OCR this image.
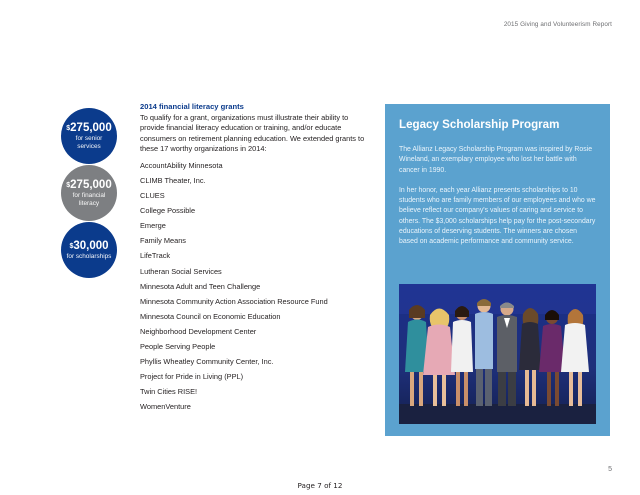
2015 Giving and Volunteerism Report
$275,000
for senior
services
$275,000
for financial
literacy
$30,000
for scholarships
2014 financial literacy grants

To qualify for a grant, organizations must illustrate their ability to provide financial literacy education or training, and/or educate consumers on retirement planning education. We extended grants to these 17 worthy organizations in 2014:

AccountAbility Minnesota
CLIMB Theater, Inc.
CLUES
College Possible
Emerge
Family Means
LifeTrack
Lutheran Social Services
Minnesota Adult and Teen Challenge
Minnesota Community Action Association Resource Fund
Minnesota Council on Economic Education
Neighborhood Development Center
People Serving People
Phyllis Wheatley Community Center, Inc.
Project for Pride in Living (PPL)
Twin Cities RISE!
WomenVenture
Legacy Scholarship Program

The Allianz Legacy Scholarship Program was inspired by Rosie Wineland, an exemplary employee who lost her battle with cancer in 1990.

In her honor, each year Allianz presents scholarships to 10 students who are family members of our employees and who we believe reflect our company's values of caring and service to others. The $3,000 scholarships help pay for the post-secondary educations of deserving students. The winners are chosen based on academic performance and community service.

5
Page 7 of 12
